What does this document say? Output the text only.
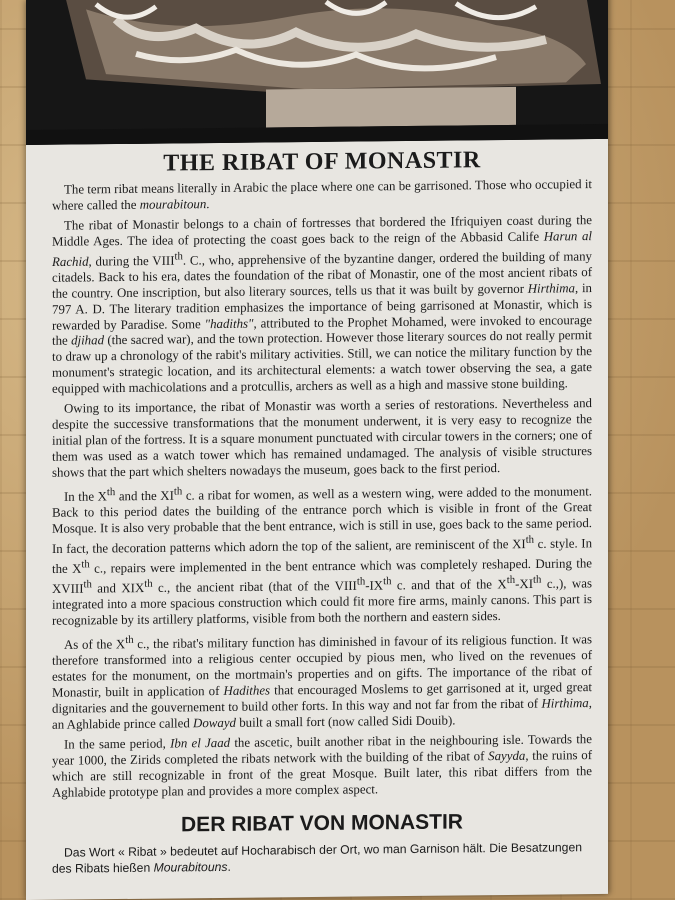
THE RIBAT OF MONASTIR

The term ribat means literally in Arabic the place where one can be garrisoned. Those who occupied it where called the mourabitoun.

The ribat of Monastir belongs to a chain of fortresses that bordered the Ifriquiyen coast during the Middle Ages. The idea of protecting the coast goes back to the reign of the Abbasid Calife Harun al Rachid, during the VIIIth. C., who, apprehensive of the byzantine danger, ordered the building of many citadels. Back to his era, dates the foundation of the ribat of Monastir, one of the most ancient ribats of the country. One inscription, but also literary sources, tells us that it was built by governor Hirthima, in 797 A. D. The literary tradition emphasizes the importance of being garrisoned at Monastir, which is rewarded by Paradise. Some "hadiths", attributed to the Prophet Mohamed, were invoked to encourage the djihad (the sacred war), and the town protection. However those literary sources do not really permit to draw up a chronology of the rabit's military activities. Still, we can notice the military function by the monument's strategic location, and its architectural elements: a watch tower observing the sea, a gate equipped with machicolations and a protcullis, archers as well as a high and massive stone building.

Owing to its importance, the ribat of Monastir was worth a series of restorations. Nevertheless and despite the successive transformations that the monument underwent, it is very easy to recognize the initial plan of the fortress. It is a square monument punctuated with circular towers in the corners; one of them was used as a watch tower which has remained undamaged. The analysis of visible structures shows that the part which shelters nowadays the museum, goes back to the first period.

In the Xth and the XIth c. a ribat for women, as well as a western wing, were added to the monument. Back to this period dates the building of the entrance porch which is visible in front of the Great Mosque. It is also very probable that the bent entrance, wich is still in use, goes back to the same period. In fact, the decoration patterns which adorn the top of the salient, are reminiscent of the XIth c. style. In the Xth c., repairs were implemented in the bent entrance which was completely reshaped. During the XVIIIth and XIXth c., the ancient ribat (that of the VIIIth-IXth c. and that of the Xth-XIth c.,), was integrated into a more spacious construction which could fit more fire arms, mainly canons. This part is recognizable by its artillery platforms, visible from both the northern and eastern sides.

As of the Xth c., the ribat's military function has diminished in favour of its religious function. It was therefore transformed into a religious center occupied by pious men, who lived on the revenues of estates for the monument, on the mortmain's properties and on gifts. The importance of the ribat of Monastir, built in application of Hadithes that encouraged Moslems to get garrisoned at it, urged great dignitaries and the gouvernement to build other forts. In this way and not far from the ribat of Hirthima, an Aghlabide prince called Dowayd built a small fort (now called Sidi Douib).

In the same period, Ibn el Jaad the ascetic, built another ribat in the neighbouring isle. Towards the year 1000, the Zirids completed the ribats network with the building of the ribat of Sayyda, the ruins of which are still recognizable in front of the great Mosque. Built later, this ribat differs from the Aghlabide prototype plan and provides a more complex aspect.

DER RIBAT VON MONASTIR

Das Wort « Ribat » bedeutet auf Hocharabisch der Ort, wo man Garnison hält. Die Besatzungen des Ribats hießen Mourabitouns.
